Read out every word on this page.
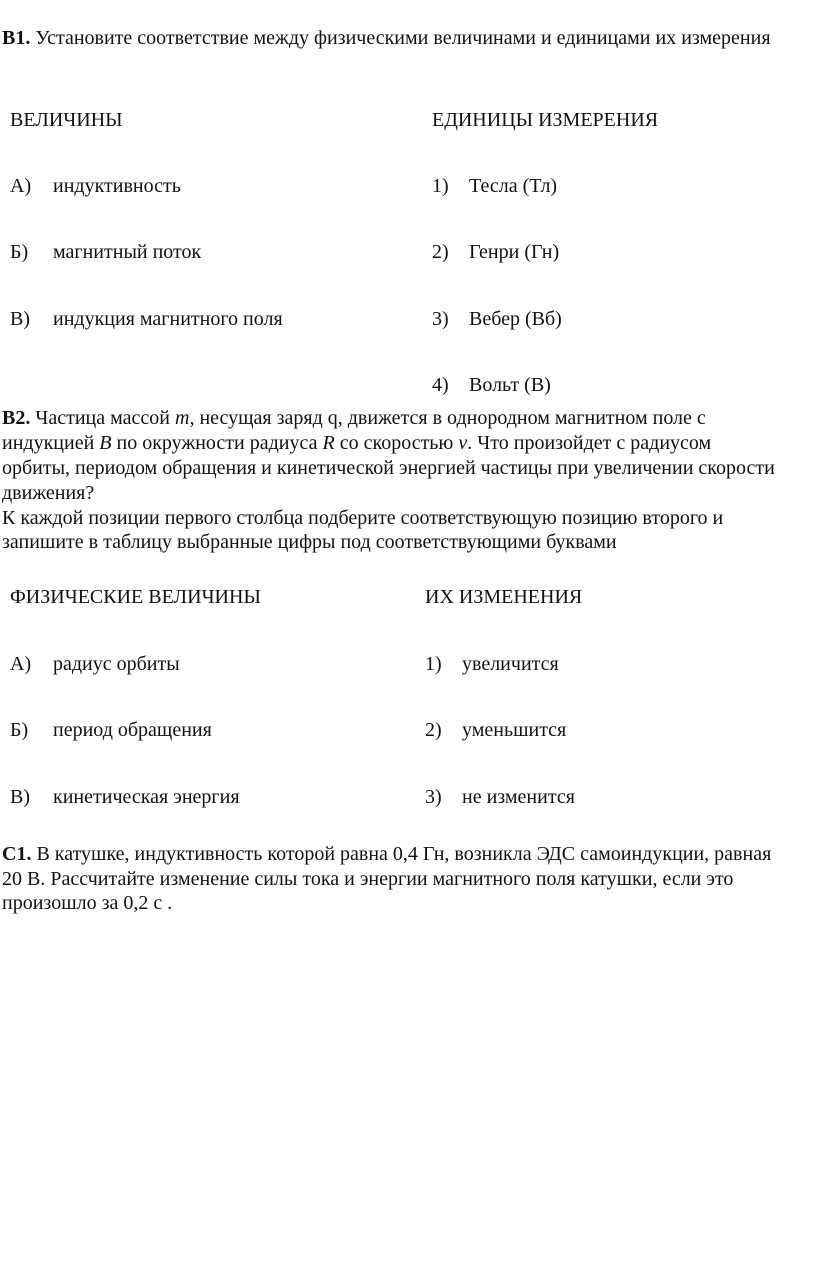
В1. Установите соответствие между физическими величинами и единицами их измерения
ВЕЛИЧИНЫ	ЕДИНИЦЫ ИЗМЕРЕНИЯ
А) индуктивность	1) Тесла (Тл)
Б) магнитный поток	2) Генри (Гн)
В) индукция магнитного поля	3) Вебер (Вб)
4) Вольт (В)
В2. Частица массой m, несущая заряд q, движется в однородном магнитном поле с
индукцией B по окружности радиуса R со скоростью v. Что произойдет с радиусом
орбиты, периодом обращения и кинетической энергией частицы при увеличении скорости
движения?
К каждой позиции первого столбца подберите соответствующую позицию второго и
запишите в таблицу выбранные цифры под соответствующими буквами
ФИЗИЧЕСКИЕ ВЕЛИЧИНЫ	ИХ ИЗМЕНЕНИЯ
А) радиус орбиты	1) увеличится
Б) период обращения	2) уменьшится
В) кинетическая энергия	3) не изменится
С1. В катушке, индуктивность которой равна 0,4 Гн, возникла ЭДС самоиндукции, равная
20 В. Рассчитайте изменение силы тока и энергии магнитного поля катушки, если это
произошло за 0,2 с .
